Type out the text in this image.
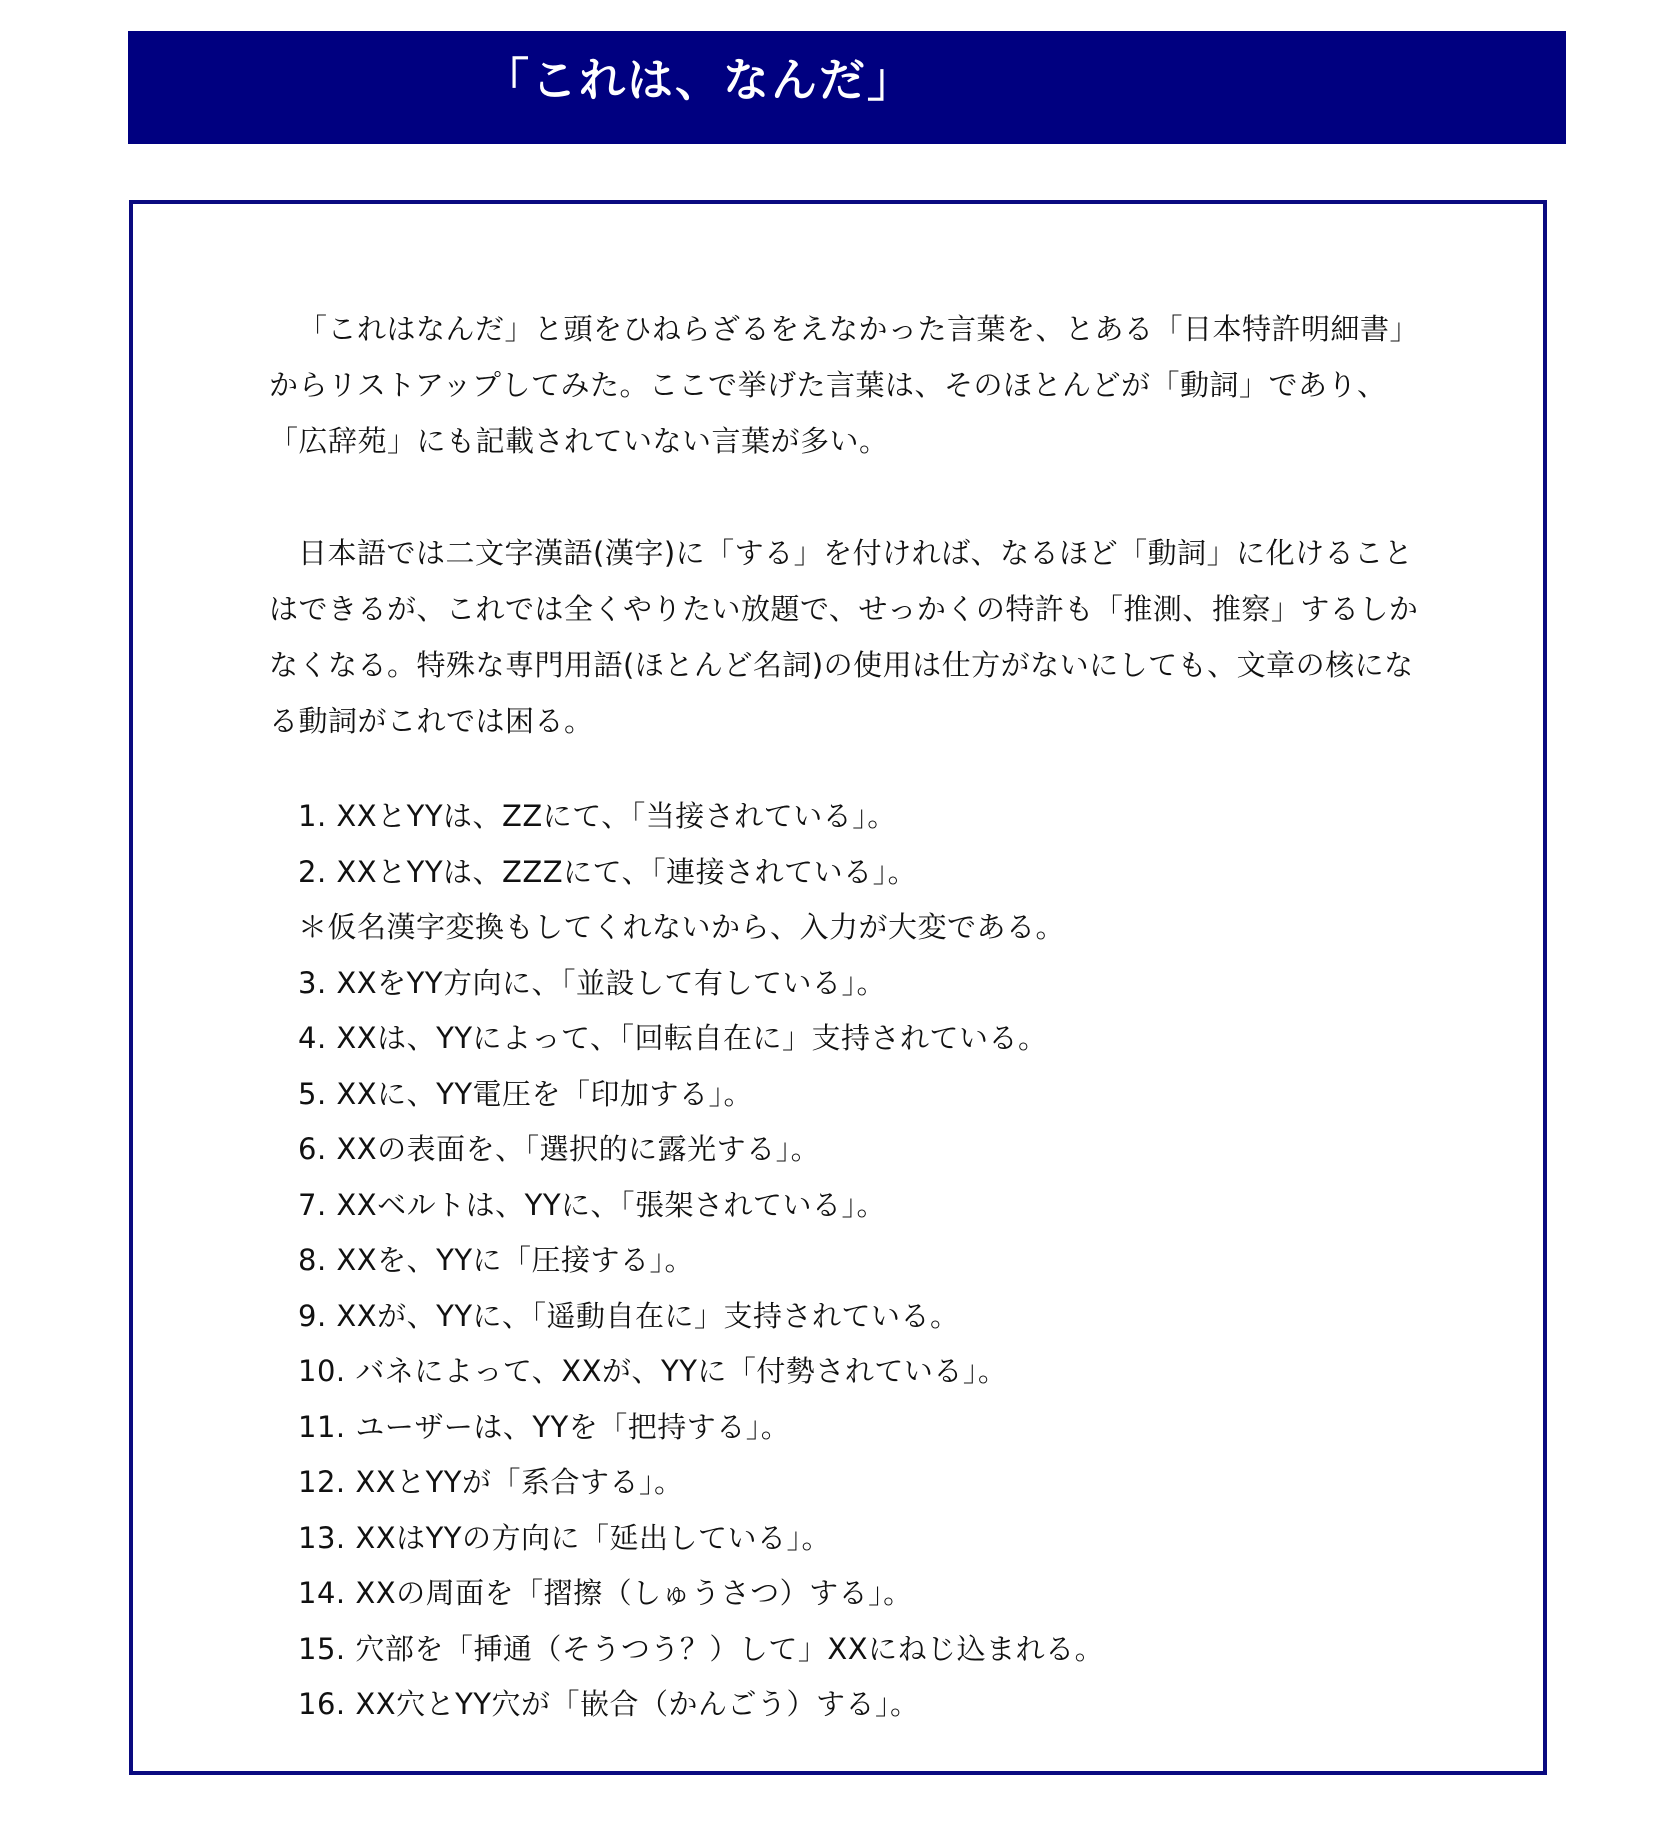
「これは、なんだ」

「これはなんだ」と頭をひねらざるをえなかった言葉を、とある「日本特許明細書」からリストアップしてみた。ここで挙げた言葉は、そのほとんどが「動詞」であり、「広辞苑」にも記載されていない言葉が多い。

日本語では二文字漢語(漢字)に「する」を付ければ、なるほど「動詞」に化けることはできるが、これでは全くやりたい放題で、せっかくの特許も「推測、推察」するしかなくなる。特殊な専門用語(ほとんど名詞)の使用は仕方がないにしても、文章の核になる動詞がこれでは困る。

1. XXとYYは、ZZにて、「当接されている」。
2. XXとYYは、ZZZにて、「連接されている」。
＊仮名漢字変換もしてくれないから、入力が大変である。
3. XXをYY方向に、「並設して有している」。
4. XXは、YYによって、「回転自在に」支持されている。
5. XXに、YY電圧を「印加する」。
6. XXの表面を、「選択的に露光する」。
7. XXベルトは、YYに、「張架されている」。
8. XXを、YYに「圧接する」。
9. XXが、YYに、「遥動自在に」支持されている。
10. バネによって、XXが、YYに「付勢されている」。
11. ユーザーは、YYを「把持する」。
12. XXとYYが「系合する」。
13. XXはYYの方向に「延出している」。
14. XXの周面を「摺擦（しゅうさつ）する」。
15. 穴部を「挿通（そうつう？）して」XXにねじ込まれる。
16. XX穴とYY穴が「嵌合（かんごう）する」。
